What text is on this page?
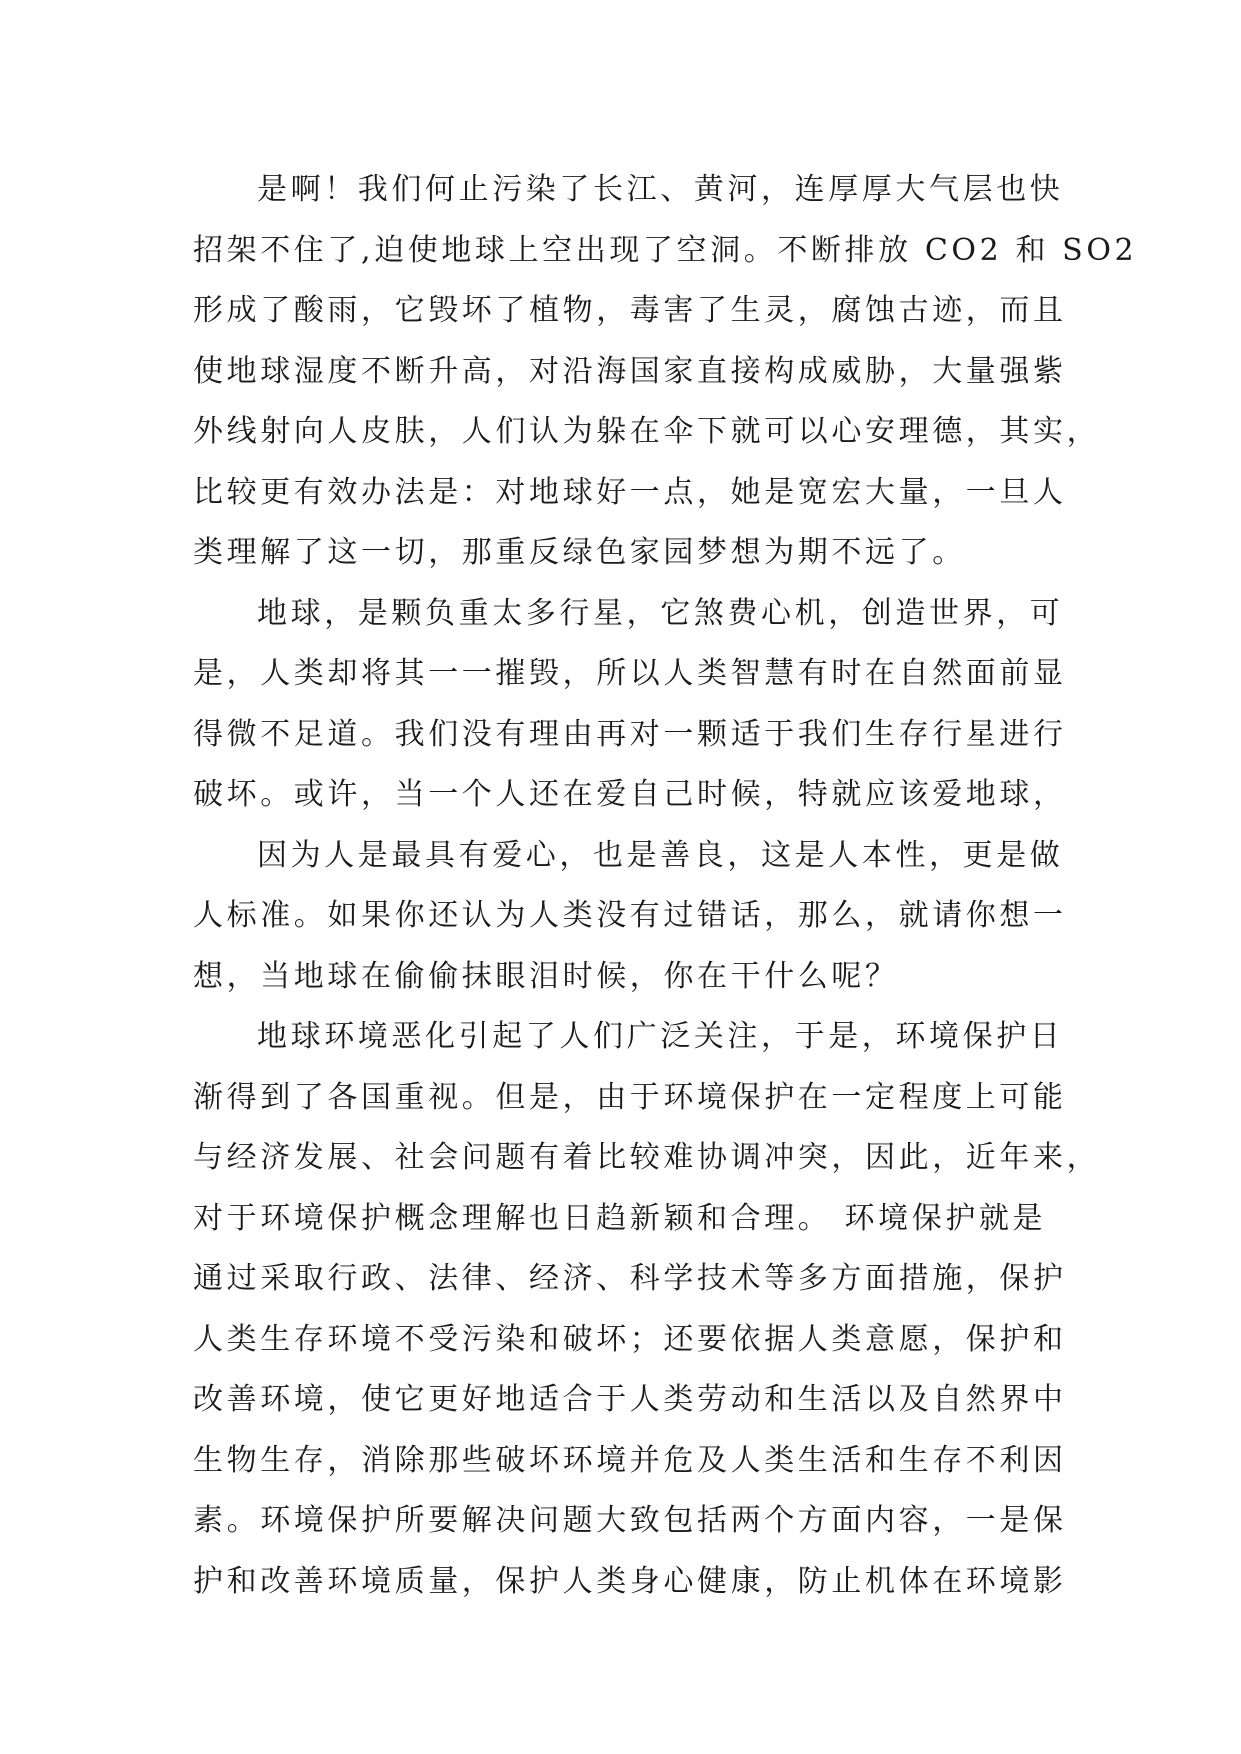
是啊！我们何止污染了长江、黄河，连厚厚大气层也快
招架不住了,迫使地球上空出现了空洞。不断排放 CO2 和 SO2
形成了酸雨，它毁坏了植物，毒害了生灵，腐蚀古迹，而且
使地球湿度不断升高，对沿海国家直接构成威胁，大量强紫
外线射向人皮肤，人们认为躲在伞下就可以心安理德，其实，
比较更有效办法是：对地球好一点，她是宽宏大量，一旦人
类理解了这一切，那重反绿色家园梦想为期不远了。
地球，是颗负重太多行星，它煞费心机，创造世界，可
是，人类却将其一一摧毁，所以人类智慧有时在自然面前显
得微不足道。我们没有理由再对一颗适于我们生存行星进行
破坏。或许，当一个人还在爱自己时候，特就应该爱地球，
因为人是最具有爱心，也是善良，这是人本性，更是做
人标准。如果你还认为人类没有过错话，那么，就请你想一
想，当地球在偷偷抹眼泪时候，你在干什么呢？
地球环境恶化引起了人们广泛关注，于是，环境保护日
渐得到了各国重视。但是，由于环境保护在一定程度上可能
与经济发展、社会问题有着比较难协调冲突，因此，近年来，
对于环境保护概念理解也日趋新颖和合理。 环境保护就是
通过采取行政、法律、经济、科学技术等多方面措施，保护
人类生存环境不受污染和破坏；还要依据人类意愿，保护和
改善环境，使它更好地适合于人类劳动和生活以及自然界中
生物生存，消除那些破坏环境并危及人类生活和生存不利因
素。环境保护所要解决问题大致包括两个方面内容，一是保
护和改善环境质量，保护人类身心健康，防止机体在环境影
